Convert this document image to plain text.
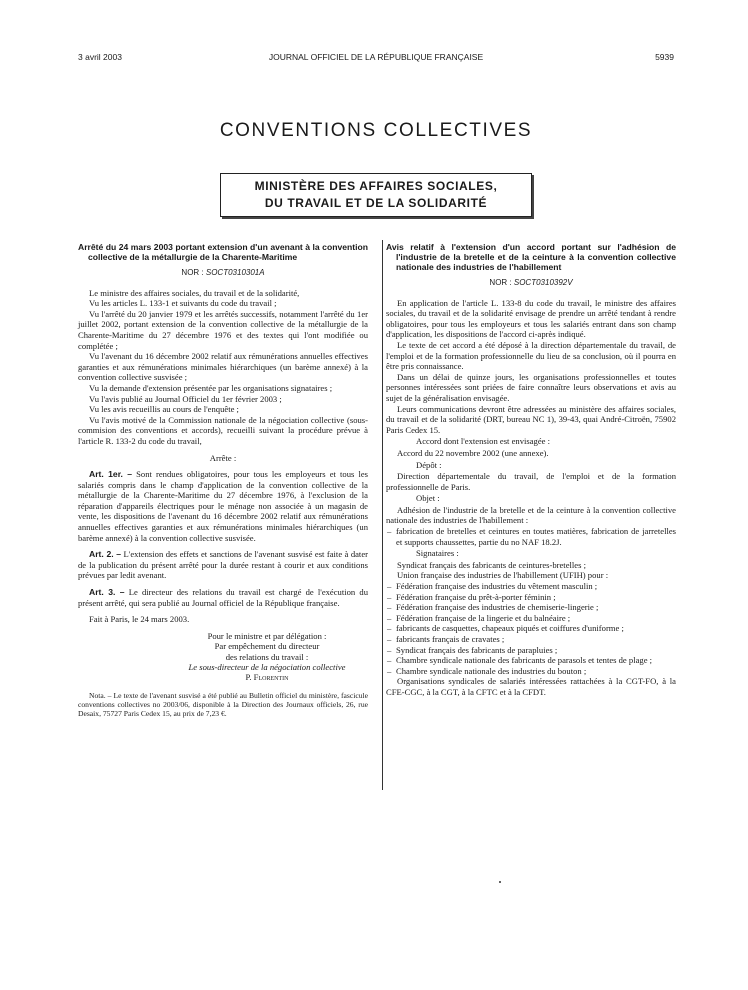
3 avril 2003	JOURNAL OFFICIEL DE LA RÉPUBLIQUE FRANÇAISE	5939
CONVENTIONS COLLECTIVES
MINISTÈRE DES AFFAIRES SOCIALES,
DU TRAVAIL ET DE LA SOLIDARITÉ
Arrêté du 24 mars 2003 portant extension d'un avenant à la convention collective de la métallurgie de la Charente-Maritime
NOR : SOCT0310301A

Le ministre des affaires sociales, du travail et de la solidarité,

Vu les articles L. 133-1 et suivants du code du travail ;

Vu l'arrêté du 20 janvier 1979 et les arrêtés successifs, notamment l'arrêté du 1er juillet 2002, portant extension de la convention collective de la métallurgie de la Charente-Maritime du 27 décembre 1976 et des textes qui l'ont modifiée ou complétée ;

Vu l'avenant du 16 décembre 2002 relatif aux rémunérations annuelles effectives garanties et aux rémunérations minimales hiérarchiques (un barème annexé) à la convention collective susvisée ;

Vu la demande d'extension présentée par les organisations signataires ;

Vu l'avis publié au Journal Officiel du 1er février 2003 ;

Vu les avis recueillis au cours de l'enquête ;

Vu l'avis motivé de la Commission nationale de la négociation collective (sous-commision des conventions et accords), recueilli suivant la procédure prévue à l'article R. 133-2 du code du travail,

Arrête :

Art. 1er. – Sont rendues obligatoires, pour tous les employeurs et tous les salariés compris dans le champ d'application de la convention collective de la métallurgie de la Charente-Maritime du 27 décembre 1976, à l'exclusion de la réparation d'appareils électriques pour le ménage non associée à un magasin de vente, les dispositions de l'avenant du 16 décembre 2002 relatif aux rémunérations annuelles effectives garanties et aux rémunérations minimales hiérarchiques (un barème annexé) à la convention collective susvisée.

Art. 2. – L'extension des effets et sanctions de l'avenant susvisé est faite à dater de la publication du présent arrêté pour la durée restant à courir et aux conditions prévues par ledit avenant.

Art. 3. – Le directeur des relations du travail est chargé de l'exécution du présent arrêté, qui sera publié au Journal officiel de la République française.

Fait à Paris, le 24 mars 2003.

Pour le ministre et par délégation :
Par empêchement du directeur
des relations du travail :
Le sous-directeur de la négociation collective
P. Florentin
Nota. – Le texte de l'avenant susvisé a été publié au Bulletin officiel du ministère, fascicule conventions collectives no 2003/06, disponible à la Direction des Journaux officiels, 26, rue Desaix, 75727 Paris Cedex 15, au prix de 7,23 €.
Avis relatif à l'extension d'un accord portant sur l'adhésion de l'industrie de la bretelle et de la ceinture à la convention collective nationale des industries de l'habillement
NOR : SOCT0310392V

En application de l'article L. 133-8 du code du travail, le ministre des affaires sociales, du travail et de la solidarité envisage de prendre un arrêté tendant à rendre obligatoires, pour tous les employeurs et tous les salariés entrant dans son champ d'application, les dispositions de l'accord ci-après indiqué.

Le texte de cet accord a été déposé à la direction départementale du travail, de l'emploi et de la formation professionnelle du lieu de sa conclusion, où il pourra en être pris connaissance.

Dans un délai de quinze jours, les organisations professionnelles et toutes personnes intéressées sont priées de faire connaître leurs observations et avis au sujet de la généralisation envisagée.

Leurs communications devront être adressées au ministère des affaires sociales, du travail et de la solidarité (DRT, bureau NC 1), 39-43, quai André-Citroën, 75902 Paris Cedex 15.

Accord dont l'extension est envisagée :

Accord du 22 novembre 2002 (une annexe).

Dépôt :

Direction départementale du travail, de l'emploi et de la formation professionnelle de Paris.

Objet :

Adhésion de l'industrie de la bretelle et de la ceinture à la convention collective nationale des industries de l'habillement :

– fabrication de bretelles et ceintures en toutes matières, fabrication de jarretelles et supports chaussettes, partie du no NAF 18.2J.

Signataires :

Syndicat français des fabricants de ceintures-bretelles ;

Union française des industries de l'habillement (UFIH) pour :

– Fédération française des industries du vêtement masculin ;
– Fédération française du prêt-à-porter féminin ;
– Fédération française des industries de chemiserie-lingerie ;
– Fédération française de la lingerie et du balnéaire ;
– fabricants de casquettes, chapeaux piqués et coiffures d'uniforme ;
– fabricants français de cravates ;
– Syndicat français des fabricants de parapluies ;
– Chambre syndicale nationale des fabricants de parasols et tentes de plage ;
– Chambre syndicale nationale des industries du bouton ;

Organisations syndicales de salariés intéressées rattachées à la CGT-FO, à la CFE-CGC, à la CGT, à la CFTC et à la CFDT.
